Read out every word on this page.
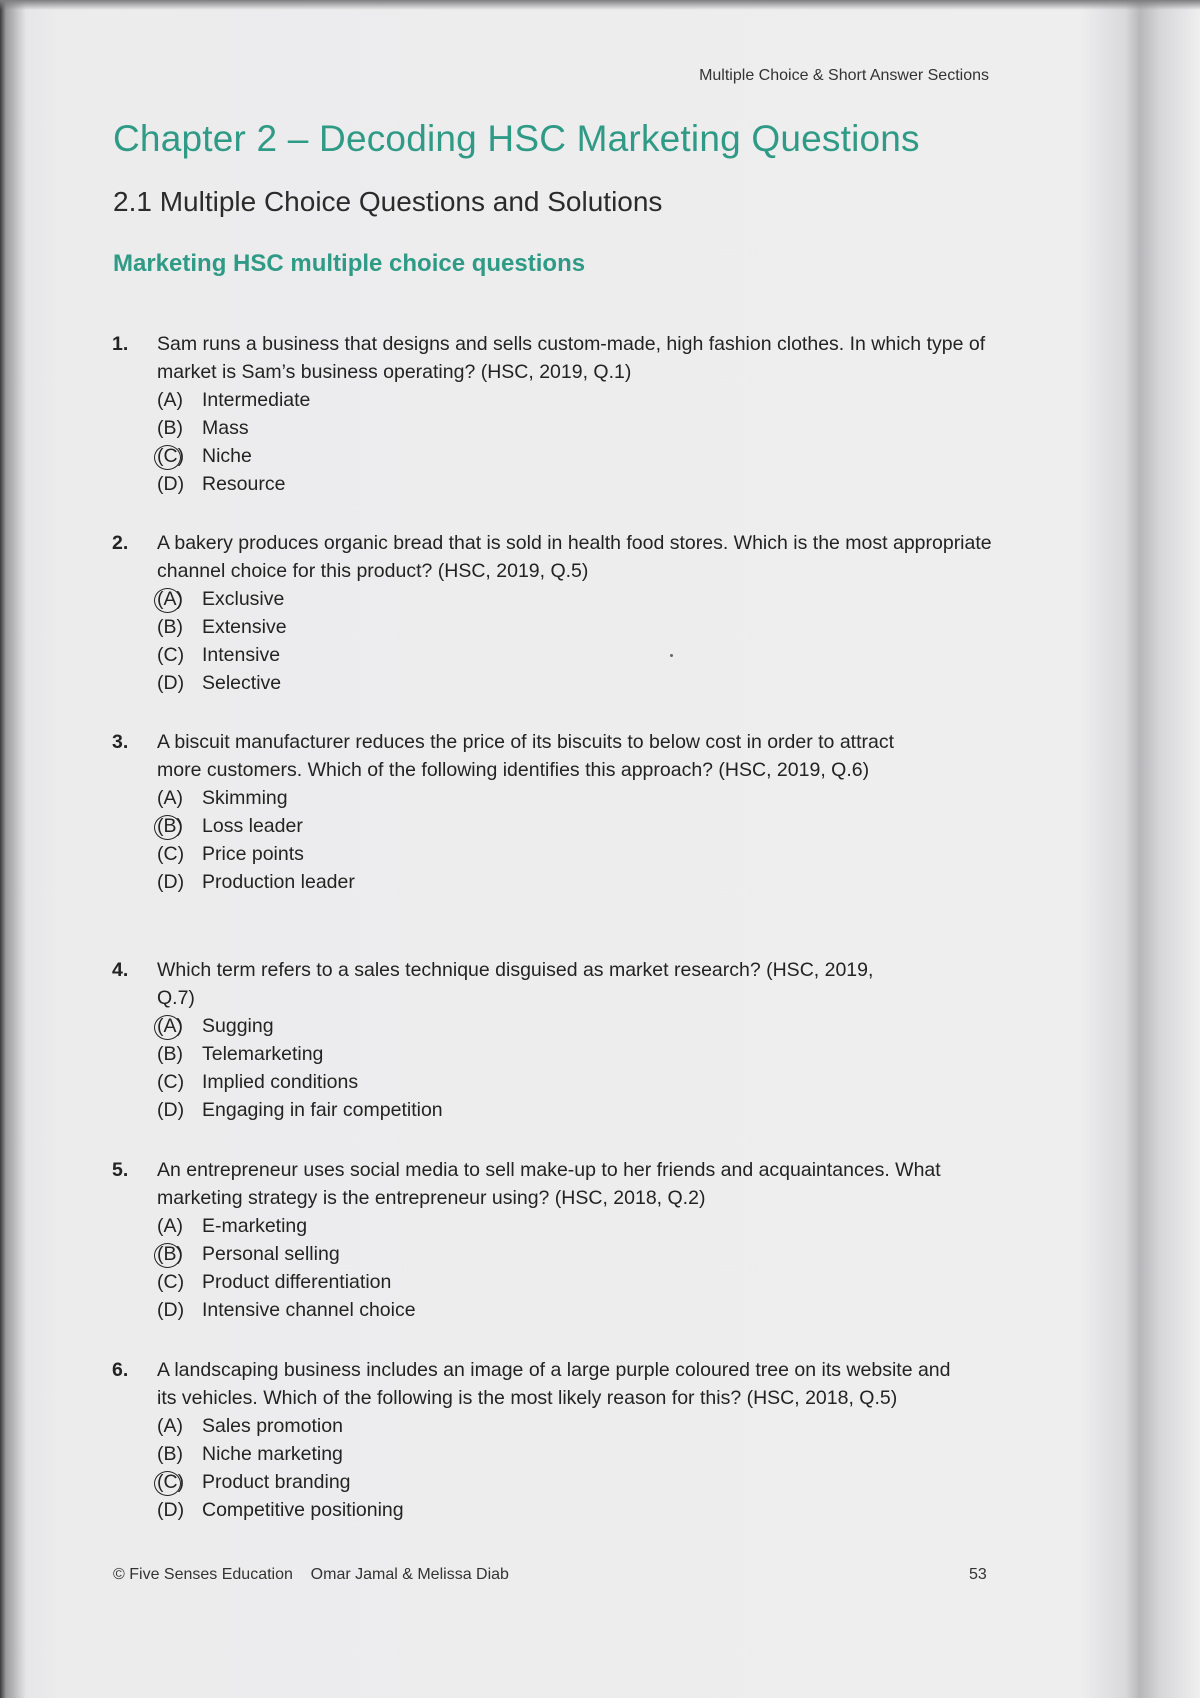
Multiple Choice & Short Answer Sections
Chapter 2 – Decoding HSC Marketing Questions
2.1 Multiple Choice Questions and Solutions
Marketing HSC multiple choice questions
1. Sam runs a business that designs and sells custom-made, high fashion clothes. In which type of market is Sam’s business operating? (HSC, 2019, Q.1)
(A) Intermediate
(B) Mass
(C) Niche
(D) Resource
2. A bakery produces organic bread that is sold in health food stores. Which is the most appropriate channel choice for this product? (HSC, 2019, Q.5)
(A) Exclusive
(B) Extensive
(C) Intensive
(D) Selective
3. A biscuit manufacturer reduces the price of its biscuits to below cost in order to attract more customers. Which of the following identifies this approach? (HSC, 2019, Q.6)
(A) Skimming
(B) Loss leader
(C) Price points
(D) Production leader
4. Which term refers to a sales technique disguised as market research? (HSC, 2019, Q.7)
(A) Sugging
(B) Telemarketing
(C) Implied conditions
(D) Engaging in fair competition
5. An entrepreneur uses social media to sell make-up to her friends and acquaintances. What marketing strategy is the entrepreneur using? (HSC, 2018, Q.2)
(A) E-marketing
(B) Personal selling
(C) Product differentiation
(D) Intensive channel choice
6. A landscaping business includes an image of a large purple coloured tree on its website and its vehicles. Which of the following is the most likely reason for this? (HSC, 2018, Q.5)
(A) Sales promotion
(B) Niche marketing
(C) Product branding
(D) Competitive positioning
© Five Senses Education    Omar Jamal & Melissa Diab	53
